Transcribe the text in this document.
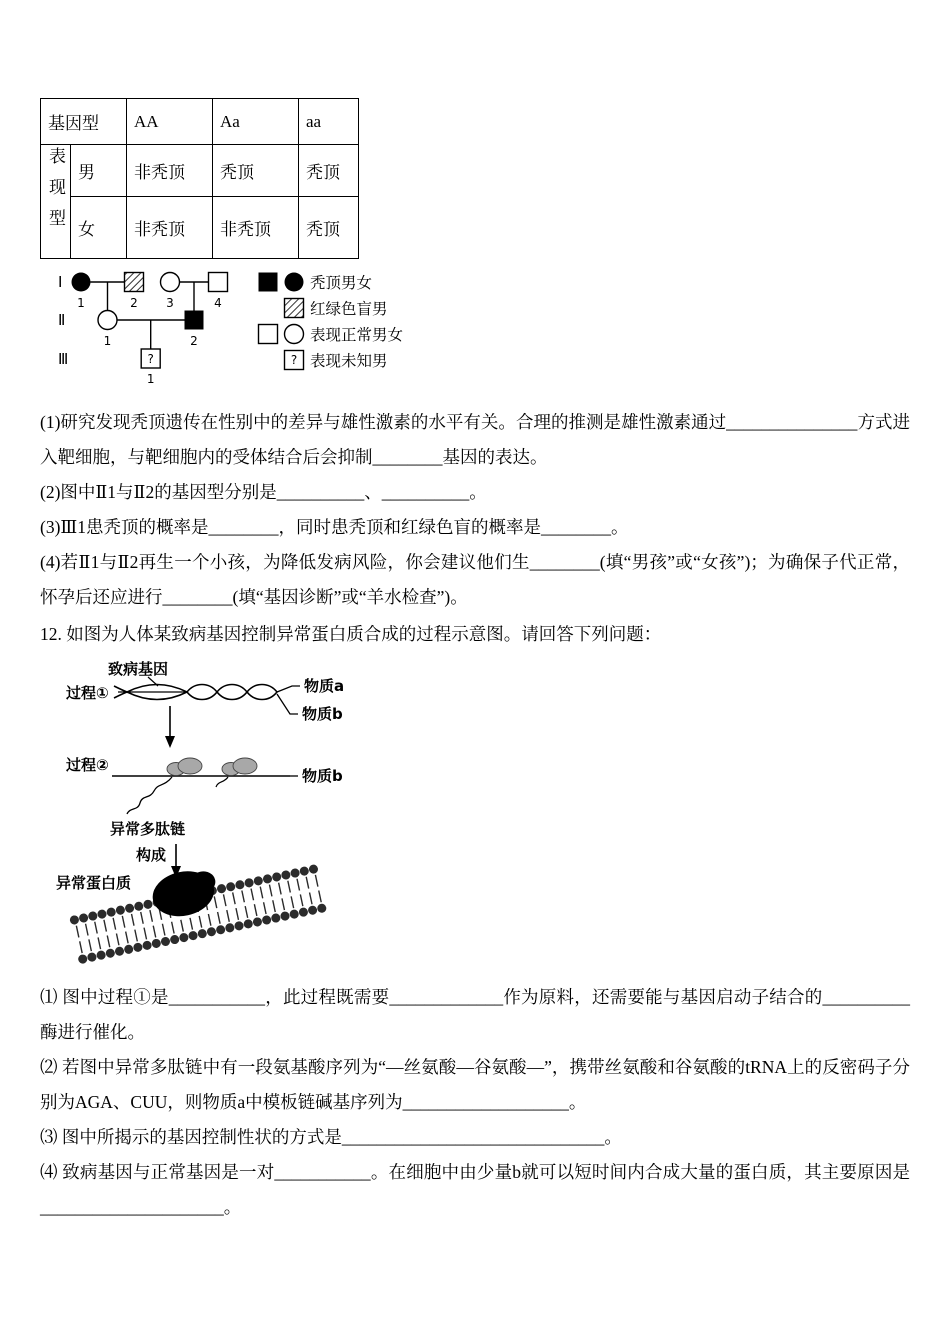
基因型		AA	Aa	aa
表现型	男	非秃顶	秃顶	秃顶
	女	非秃顶	非秃顶	秃顶
Ⅰ
Ⅱ
Ⅲ
1	2 3	4
1	2
?
1
秃顶男女
红绿色盲男
表现正常男女
? 表现未知男

(1)研究发现秃顶遗传在性别中的差异与雄性激素的水平有关。合理的推测是雄性激素通过_______________方式进入靶细胞，与靶细胞内的受体结合后会抑制________基因的表达。

(2)图中Ⅱ1与Ⅱ2的基因型分别是__________、__________。

(3)Ⅲ1患秃顶的概率是________，同时患秃顶和红绿色盲的概率是________。

(4)若Ⅱ1与Ⅱ2再生一个小孩，为降低发病风险，你会建议他们生________(填“男孩”或“女孩”)；为确保子代正常，怀孕后还应进行________(填“基因诊断”或“羊水检查”)。

12. 如图为人体某致病基因控制异常蛋白质合成的过程示意图。请回答下列问题：

致病基因
过程①	物质a
物质b
过程②
物质b
异常多肽链
构成
异常蛋白质

⑴ 图中过程①是___________，此过程既需要_____________作为原料，还需要能与基因启动子结合的__________酶进行催化。

⑵ 若图中异常多肽链中有一段氨基酸序列为“—丝氨酸—谷氨酸—”，携带丝氨酸和谷氨酸的tRNA上的反密码子分别为AGA、CUU，则物质a中模板链碱基序列为___________________。

⑶ 图中所揭示的基因控制性状的方式是______________________________。

⑷ 致病基因与正常基因是一对___________。在细胞中由少量b就可以短时间内合成大量的蛋白质，其主要原因是_____________________。
